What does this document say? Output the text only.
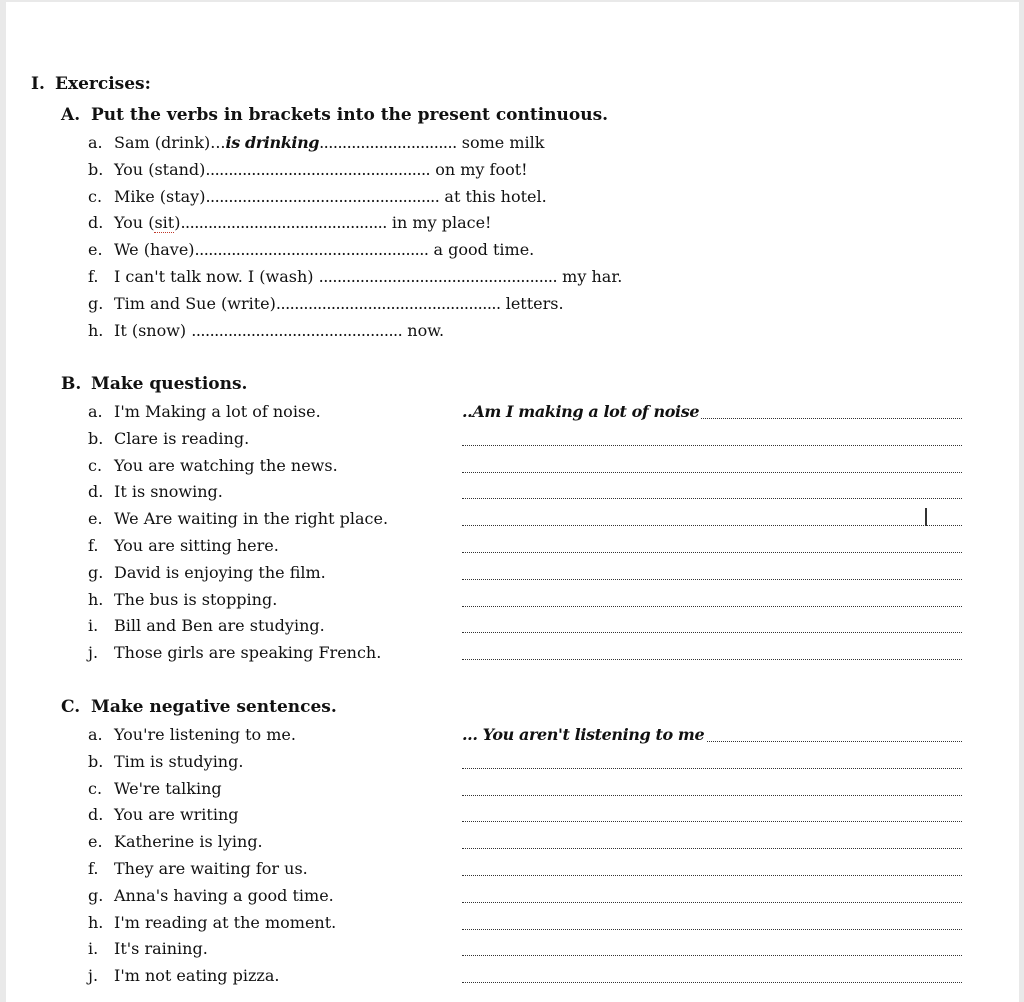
I. Exercises:
A. Put the verbs in brackets into the present continuous.
a. Sam (drink)...is drinking.............................. some milk
b. You (stand)................................................. on my foot!
c. Mike (stay)................................................... at this hotel.
d. You (sit)............................................. in my place!
e. We (have)................................................... a good time.
f. I can't talk now. I (wash) .................................................... my har.
g. Tim and Sue (write)................................................. letters.
h. It (snow) .............................................. now.
B. Make questions.
a. I'm Making a lot of noise.	..Am I making a lot of noise
b. Clare is reading.
c. You are watching the news.
d. It is snowing.
e. We Are waiting in the right place.
f. You are sitting here.
g. David is enjoying the film.
h. The bus is stopping.
i. Bill and Ben are studying.
j. Those girls are speaking French.
C. Make negative sentences.
a. You're listening to me.	... You aren't listening to me
b. Tim is studying.
c. We're talking
d. You are writing
e. Katherine is lying.
f. They are waiting for us.
g. Anna's having a good time.
h. I'm reading at the moment.
i. It's raining.
j. I'm not eating pizza.
